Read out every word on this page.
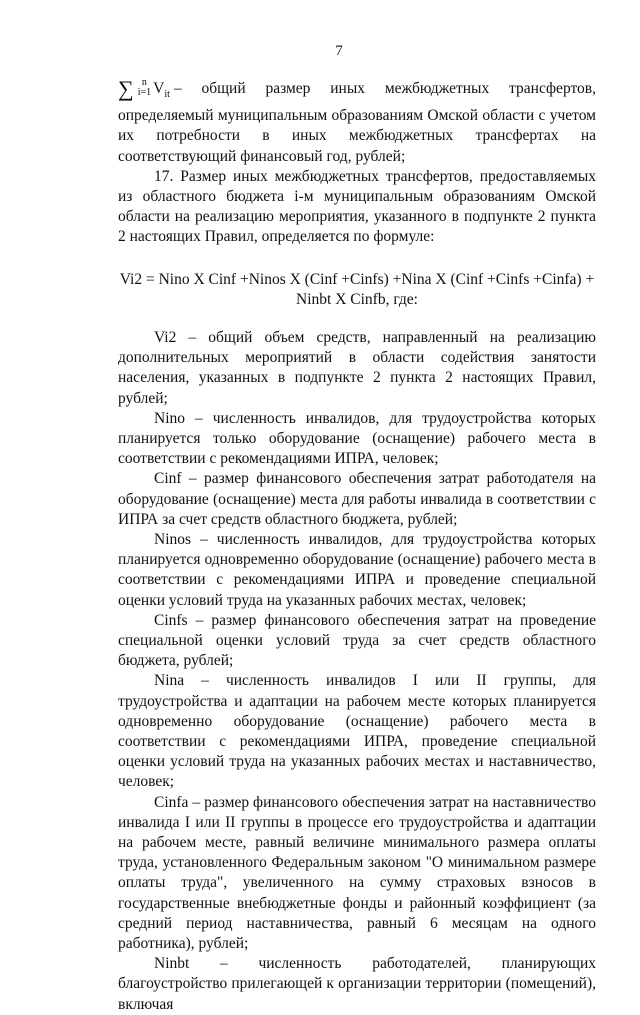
7
∑ n
i=1 $V_{it}$ – общий размер иных межбюджетных трансфертов,

определяемый муниципальным образованиям Омской области с учетом их потребности в иных межбюджетных трансфертах на соответствующий финансовый год, рублей;

17. Размер иных межбюджетных трансфертов, предоставляемых из областного бюджета i-м муниципальным образованиям Омской области на реализацию мероприятия, указанного в подпункте 2 пункта 2 настоящих Правил, определяется по формуле:

Vi2 = Nino X Cinf +Ninos X (Cinf +Cinfs) +Nina X (Cinf +Cinfs +Cinfa) + Ninbt X Cinfb, где:

Vi2 – общий объем средств, направленный на реализацию дополнительных мероприятий в области содействия занятости населения, указанных в подпункте 2 пункта 2 настоящих Правил, рублей;

Nino – численность инвалидов, для трудоустройства которых планируется только оборудование (оснащение) рабочего места в соответствии с рекомендациями ИПРА, человек;

Cinf – размер финансового обеспечения затрат работодателя на оборудование (оснащение) места для работы инвалида в соответствии с ИПРА за счет средств областного бюджета, рублей;

Ninos – численность инвалидов, для трудоустройства которых планируется одновременно оборудование (оснащение) рабочего места в соответствии с рекомендациями ИПРА и проведение специальной оценки условий труда на указанных рабочих местах, человек;

Cinfs – размер финансового обеспечения затрат на проведение специальной оценки условий труда за счет средств областного бюджета, рублей;

Nina – численность инвалидов I или II группы, для трудоустройства и адаптации на рабочем месте которых планируется одновременно оборудование (оснащение) рабочего места в соответствии с рекомендациями ИПРА, проведение специальной оценки условий труда на указанных рабочих местах и наставничество, человек;

Cinfa – размер финансового обеспечения затрат на наставничество инвалида I или II группы в процессе его трудоустройства и адаптации на рабочем месте, равный величине минимального размера оплаты труда, установленного Федеральным законом "О минимальном размере оплаты труда", увеличенного на сумму страховых взносов в государственные внебюджетные фонды и районный коэффициент (за средний период наставничества, равный 6 месяцам на одного работника), рублей;

Ninbt – численность работодателей, планирующих благоустройство прилегающей к организации территории (помещений), включая
